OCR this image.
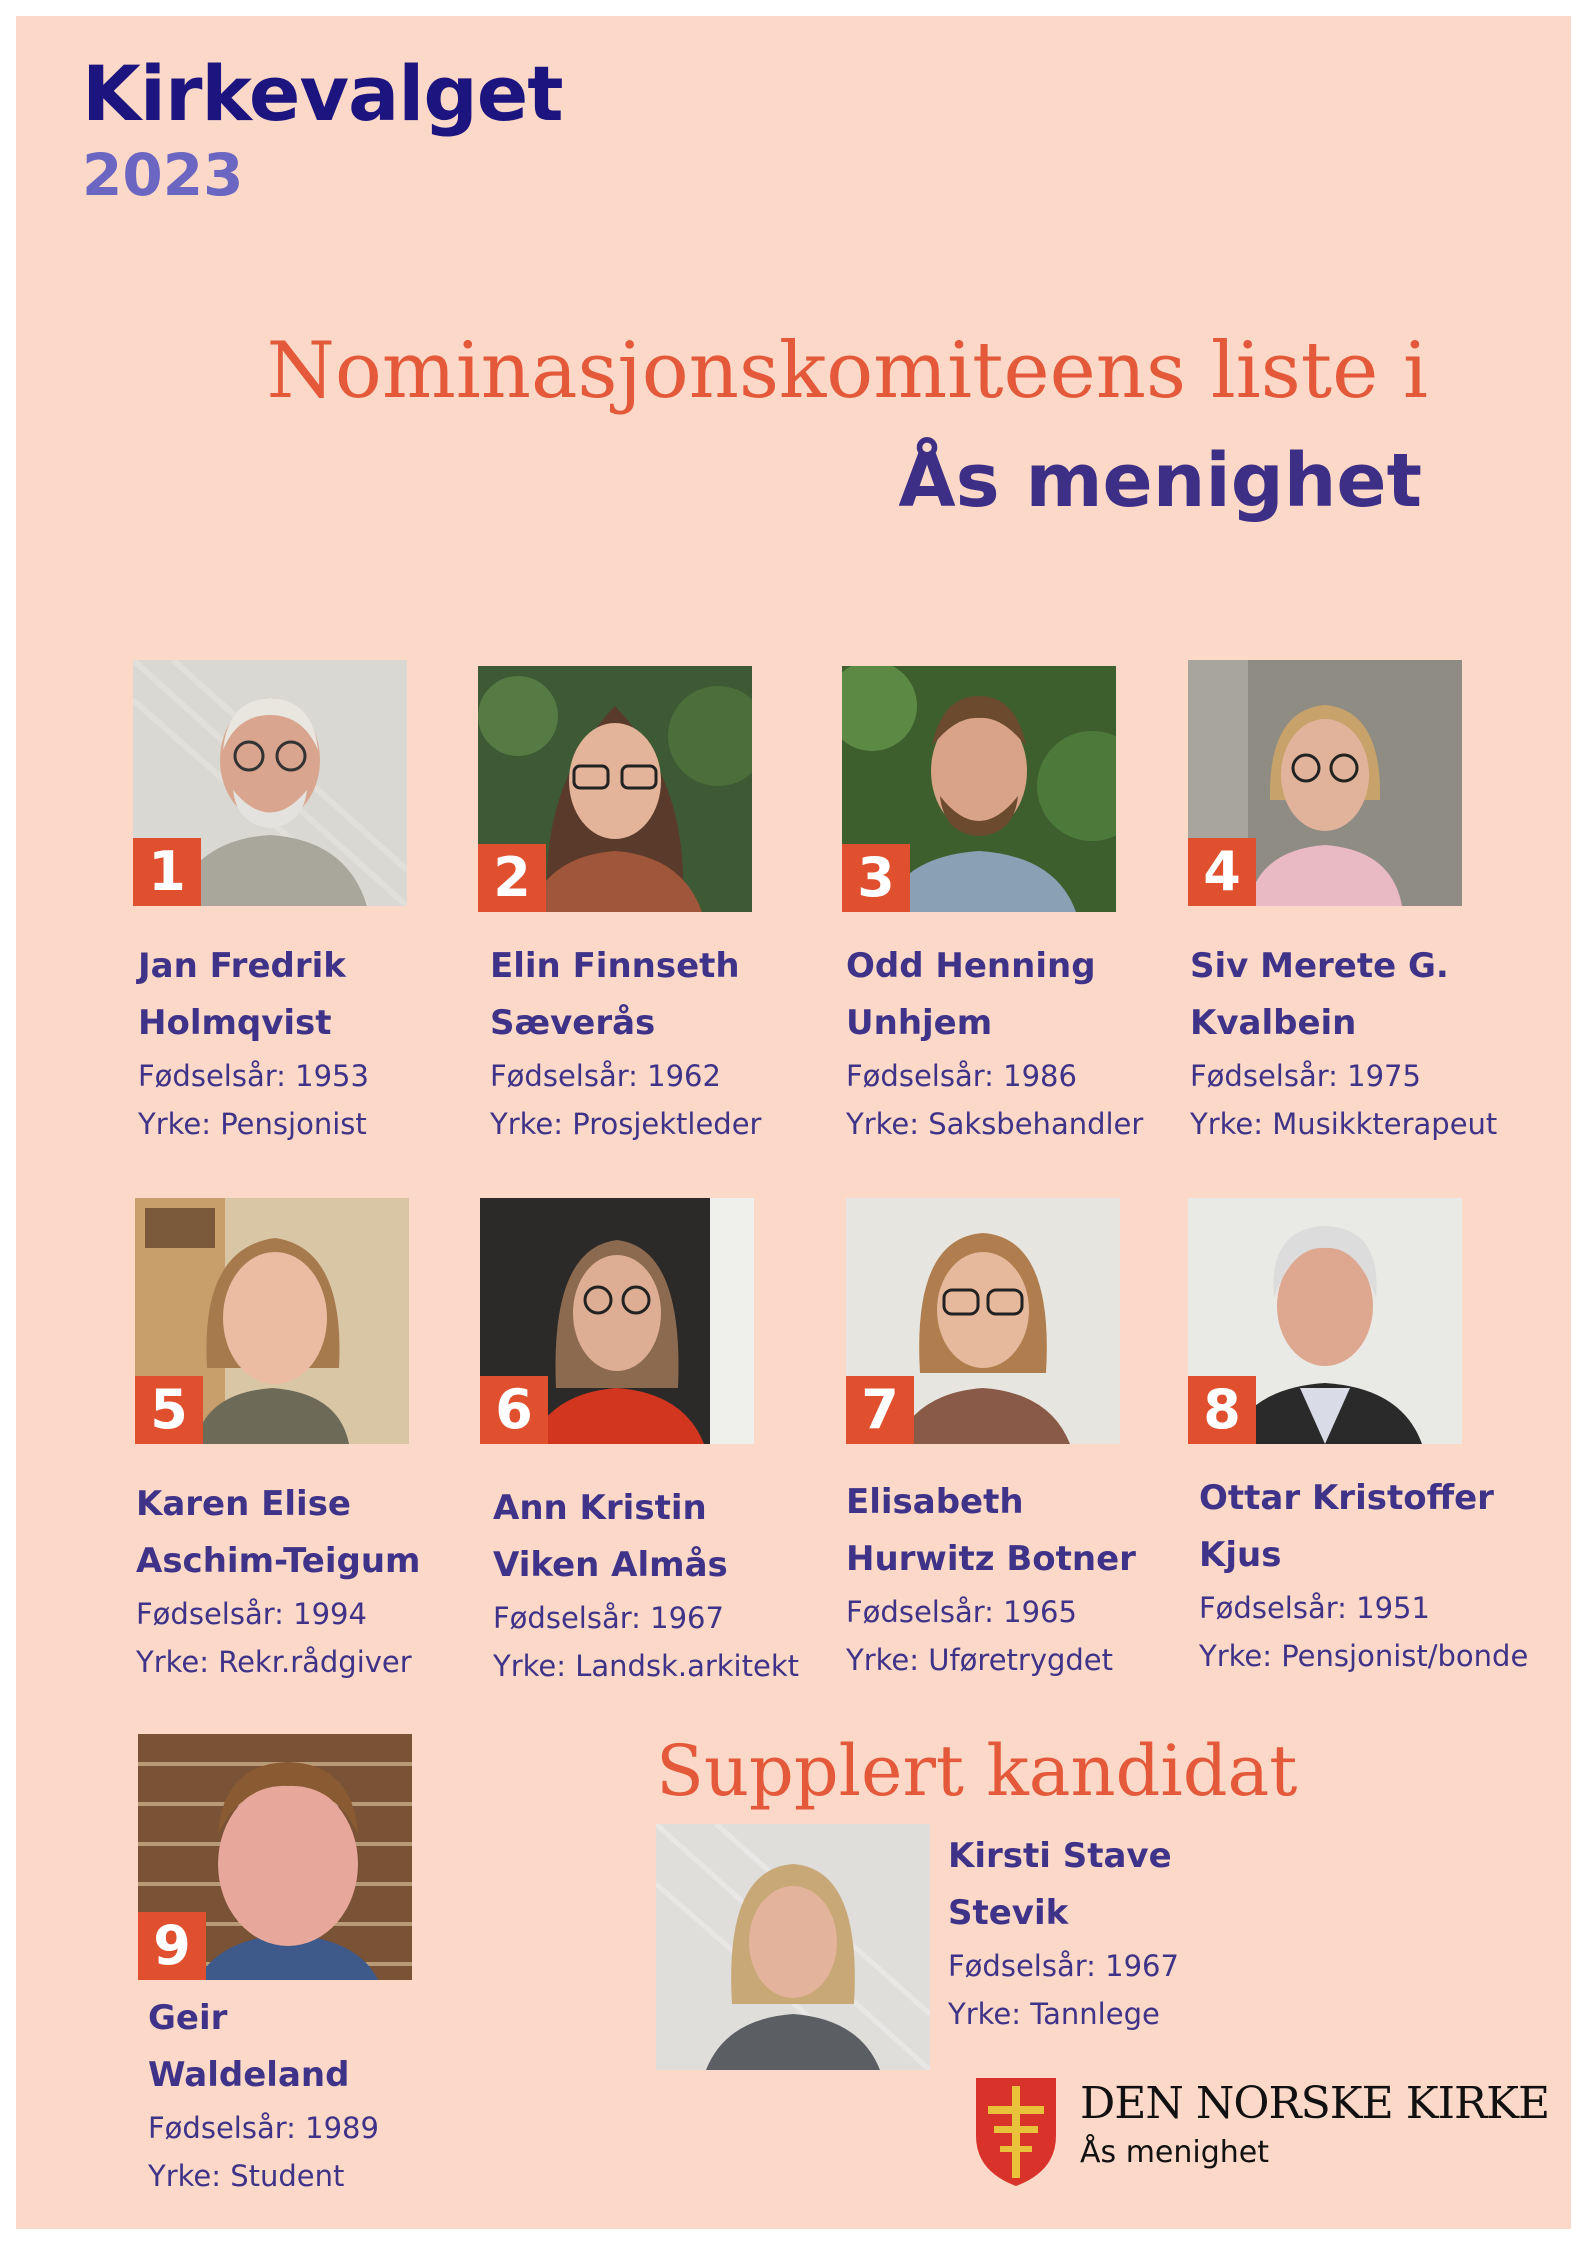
Kirkevalget
2023
Nominasjonskomiteens liste i
Ås menighet
1
Jan Fredrik
Holmqvist
Fødselsår: 1953
Yrke: Pensjonist
2
Elin Finnseth
Sæverås
Fødselsår: 1962
Yrke: Prosjektleder
3
Odd Henning
Unhjem
Fødselsår: 1986
Yrke: Saksbehandler
4
Siv Merete G.
Kvalbein
Fødselsår: 1975
Yrke: Musikkterapeut
5
Karen Elise
Aschim-Teigum
Fødselsår: 1994
Yrke: Rekr.rådgiver
6
Ann Kristin
Viken Almås
Fødselsår: 1967
Yrke: Landsk.arkitekt
7
Elisabeth
Hurwitz Botner
Fødselsår: 1965
Yrke: Uføretrygdet
8
Ottar Kristoffer
Kjus
Fødselsår: 1951
Yrke: Pensjonist/bonde
9
Geir
Waldeland
Fødselsår: 1989
Yrke: Student
Supplert kandidat
Kirsti Stave Stevik
Fødselsår: 1967
Yrke: Tannlege
DEN NORSKE KIRKE
Ås menighet
